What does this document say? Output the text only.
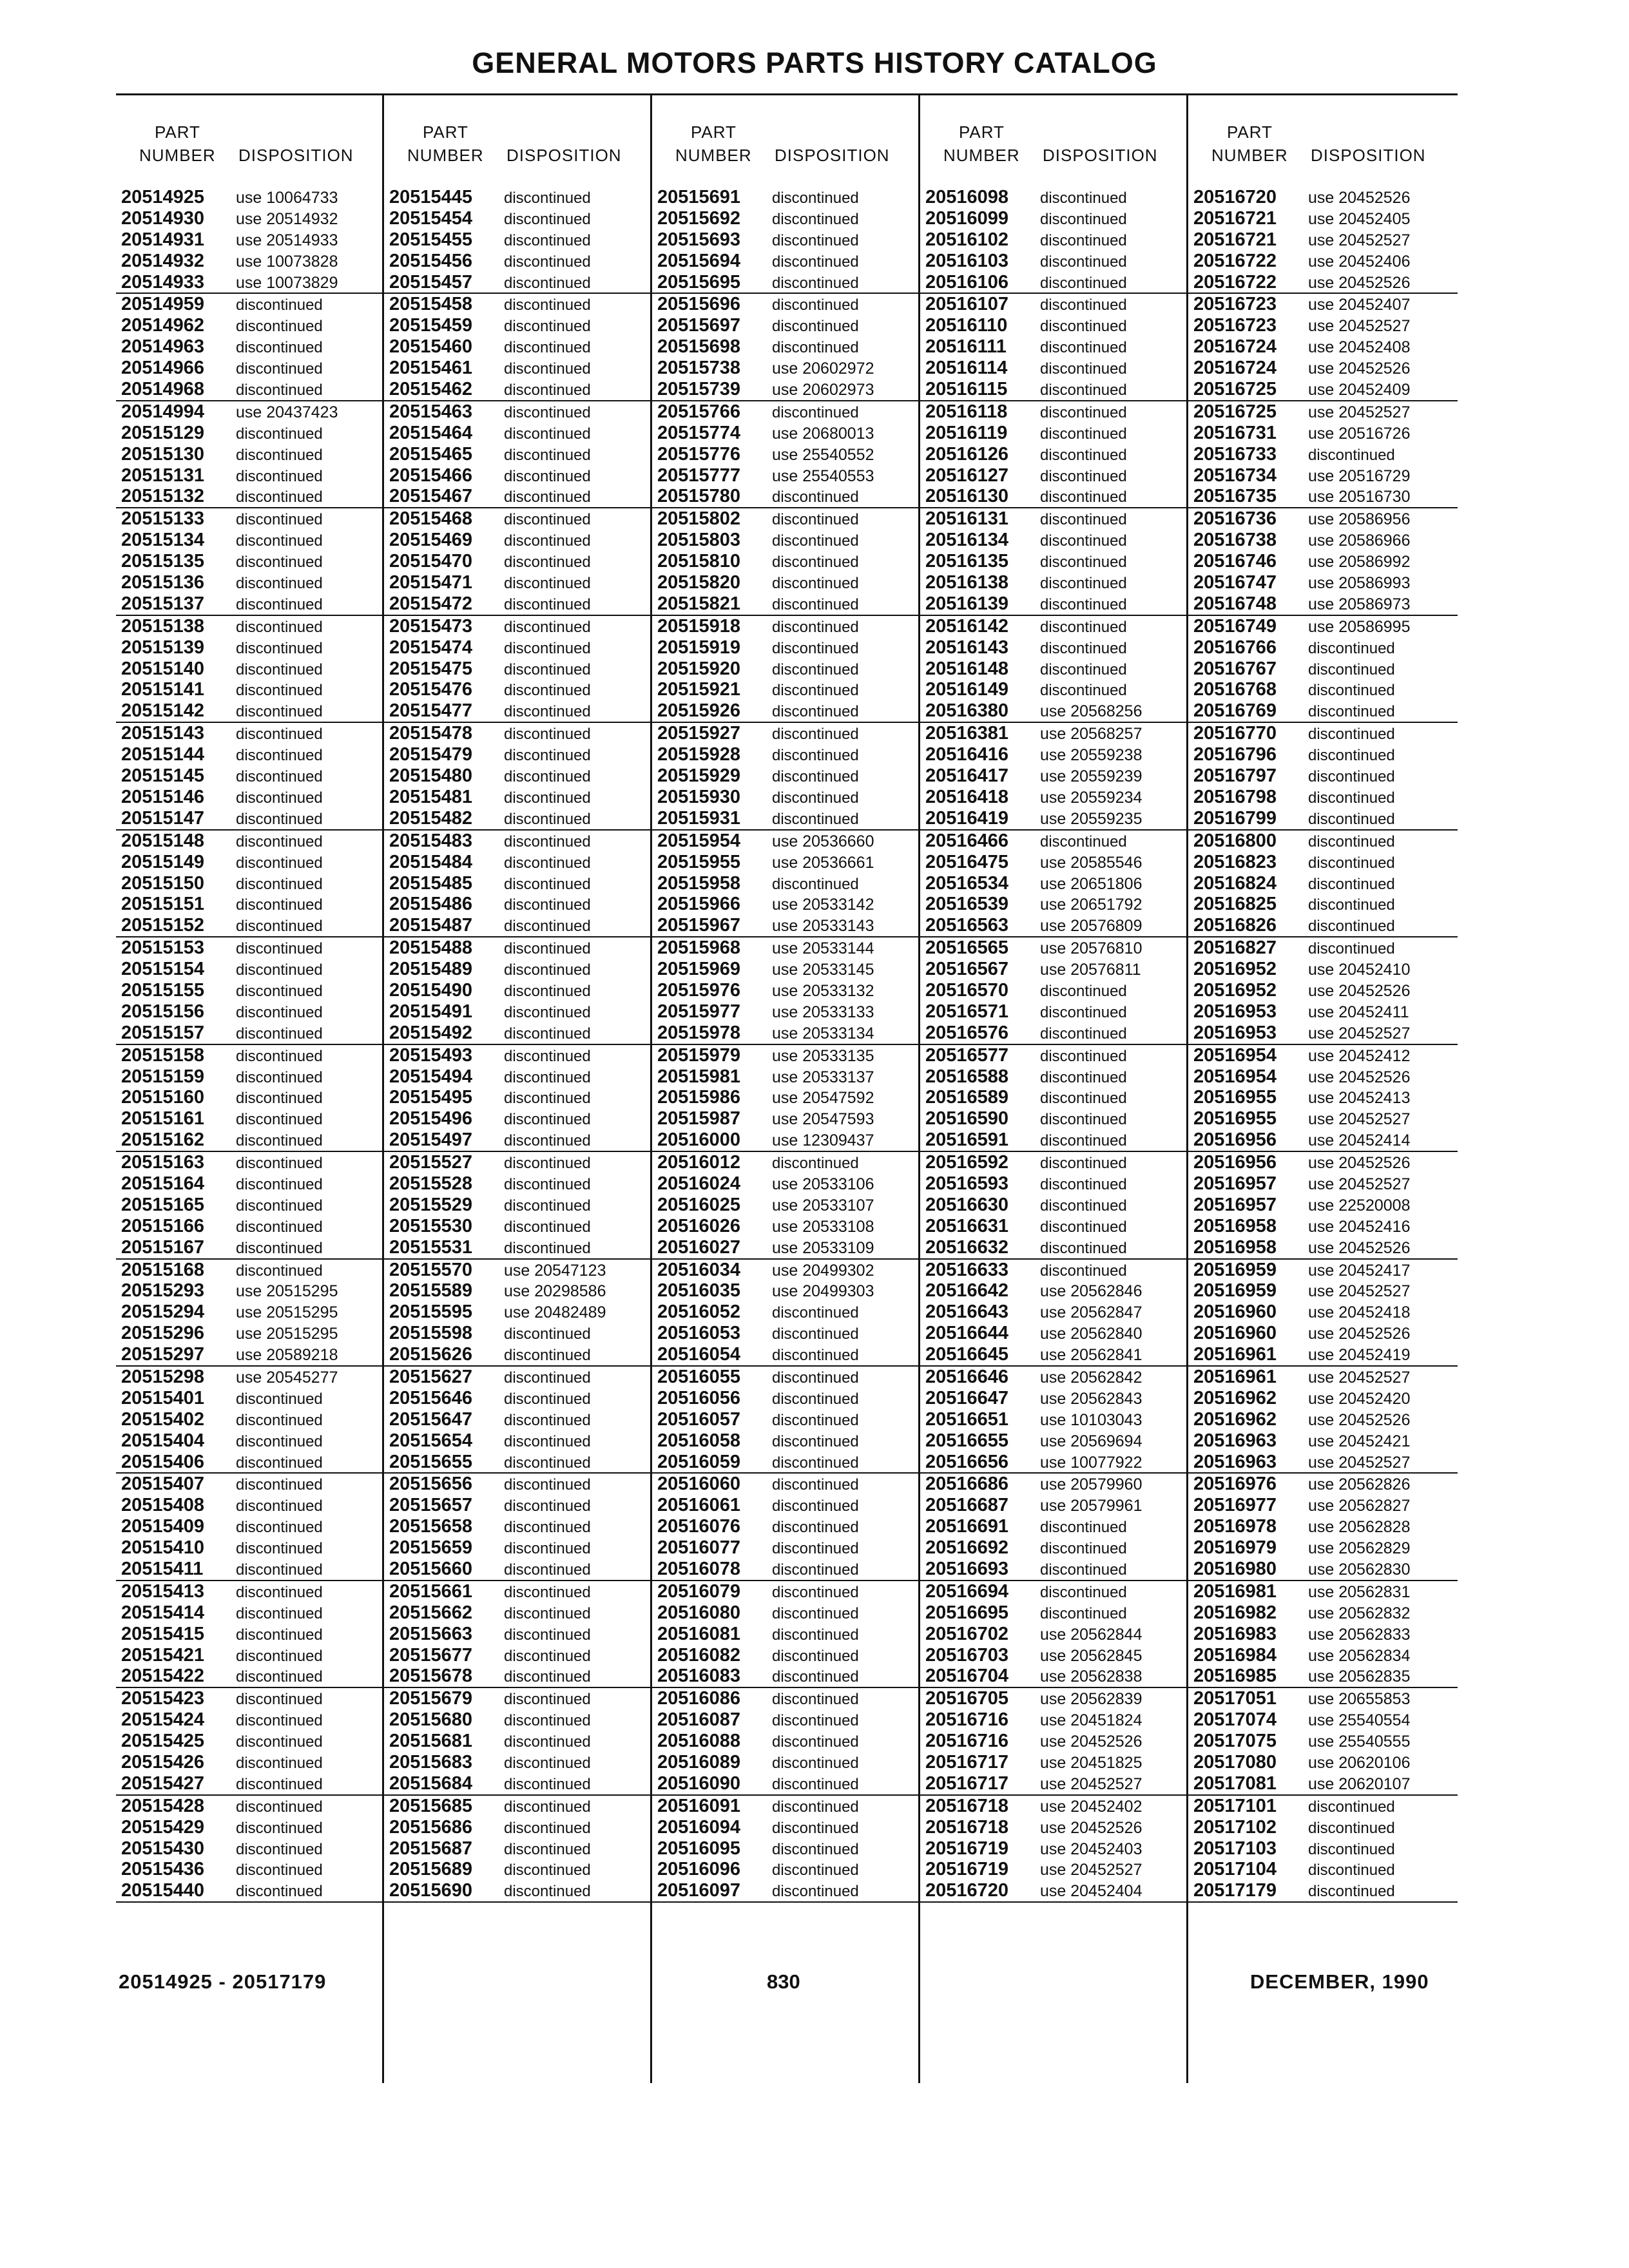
GENERAL MOTORS PARTS HISTORY CATALOG
PART
NUMBER DISPOSITION
20514925 use 10064733
20514930 use 20514932
20514931 use 20514933
20514932 use 10073828
20514933 use 10073829
20514959 discontinued
20514962 discontinued
20514963 discontinued
20514966 discontinued
20514968 discontinued
20514994 use 20437423
20515129 discontinued
20515130 discontinued
20515131 discontinued
20515132 discontinued
20515133 discontinued
20515134 discontinued
20515135 discontinued
20515136 discontinued
20515137 discontinued
20515138 discontinued
20515139 discontinued
20515140 discontinued
20515141 discontinued
20515142 discontinued
20515143 discontinued
20515144 discontinued
20515145 discontinued
20515146 discontinued
20515147 discontinued
20515148 discontinued
20515149 discontinued
20515150 discontinued
20515151 discontinued
20515152 discontinued
20515153 discontinued
20515154 discontinued
20515155 discontinued
20515156 discontinued
20515157 discontinued
20515158 discontinued
20515159 discontinued
20515160 discontinued
20515161 discontinued
20515162 discontinued
20515163 discontinued
20515164 discontinued
20515165 discontinued
20515166 discontinued
20515167 discontinued
20515168 discontinued
20515293 use 20515295
20515294 use 20515295
20515296 use 20515295
20515297 use 20589218
20515298 use 20545277
20515401 discontinued
20515402 discontinued
20515404 discontinued
20515406 discontinued
20515407 discontinued
20515408 discontinued
20515409 discontinued
20515410 discontinued
20515411 discontinued
20515413 discontinued
20515414 discontinued
20515415 discontinued
20515421 discontinued
20515422 discontinued
20515423 discontinued
20515424 discontinued
20515425 discontinued
20515426 discontinued
20515427 discontinued
20515428 discontinued
20515429 discontinued
20515430 discontinued
20515436 discontinued
20515440 discontinued
PART
NUMBER DISPOSITION
20515445 discontinued
20515454 discontinued
20515455 discontinued
20515456 discontinued
20515457 discontinued
20515458 discontinued
20515459 discontinued
20515460 discontinued
20515461 discontinued
20515462 discontinued
20515463 discontinued
20515464 discontinued
20515465 discontinued
20515466 discontinued
20515467 discontinued
20515468 discontinued
20515469 discontinued
20515470 discontinued
20515471 discontinued
20515472 discontinued
20515473 discontinued
20515474 discontinued
20515475 discontinued
20515476 discontinued
20515477 discontinued
20515478 discontinued
20515479 discontinued
20515480 discontinued
20515481 discontinued
20515482 discontinued
20515483 discontinued
20515484 discontinued
20515485 discontinued
20515486 discontinued
20515487 discontinued
20515488 discontinued
20515489 discontinued
20515490 discontinued
20515491 discontinued
20515492 discontinued
20515493 discontinued
20515494 discontinued
20515495 discontinued
20515496 discontinued
20515497 discontinued
20515527 discontinued
20515528 discontinued
20515529 discontinued
20515530 discontinued
20515531 discontinued
20515570 use 20547123
20515589 use 20298586
20515595 use 20482489
20515598 discontinued
20515626 discontinued
20515627 discontinued
20515646 discontinued
20515647 discontinued
20515654 discontinued
20515655 discontinued
20515656 discontinued
20515657 discontinued
20515658 discontinued
20515659 discontinued
20515660 discontinued
20515661 discontinued
20515662 discontinued
20515663 discontinued
20515677 discontinued
20515678 discontinued
20515679 discontinued
20515680 discontinued
20515681 discontinued
20515683 discontinued
20515684 discontinued
20515685 discontinued
20515686 discontinued
20515687 discontinued
20515689 discontinued
20515690 discontinued
PART
NUMBER DISPOSITION
20515691 discontinued
20515692 discontinued
20515693 discontinued
20515694 discontinued
20515695 discontinued
20515696 discontinued
20515697 discontinued
20515698 discontinued
20515738 use 20602972
20515739 use 20602973
20515766 discontinued
20515774 use 20680013
20515776 use 25540552
20515777 use 25540553
20515780 discontinued
20515802 discontinued
20515803 discontinued
20515810 discontinued
20515820 discontinued
20515821 discontinued
20515918 discontinued
20515919 discontinued
20515920 discontinued
20515921 discontinued
20515926 discontinued
20515927 discontinued
20515928 discontinued
20515929 discontinued
20515930 discontinued
20515931 discontinued
20515954 use 20536660
20515955 use 20536661
20515958 discontinued
20515966 use 20533142
20515967 use 20533143
20515968 use 20533144
20515969 use 20533145
20515976 use 20533132
20515977 use 20533133
20515978 use 20533134
20515979 use 20533135
20515981 use 20533137
20515986 use 20547592
20515987 use 20547593
20516000 use 12309437
20516012 discontinued
20516024 use 20533106
20516025 use 20533107
20516026 use 20533108
20516027 use 20533109
20516034 use 20499302
20516035 use 20499303
20516052 discontinued
20516053 discontinued
20516054 discontinued
20516055 discontinued
20516056 discontinued
20516057 discontinued
20516058 discontinued
20516059 discontinued
20516060 discontinued
20516061 discontinued
20516076 discontinued
20516077 discontinued
20516078 discontinued
20516079 discontinued
20516080 discontinued
20516081 discontinued
20516082 discontinued
20516083 discontinued
20516086 discontinued
20516087 discontinued
20516088 discontinued
20516089 discontinued
20516090 discontinued
20516091 discontinued
20516094 discontinued
20516095 discontinued
20516096 discontinued
20516097 discontinued
PART
NUMBER DISPOSITION
20516098 discontinued
20516099 discontinued
20516102 discontinued
20516103 discontinued
20516106 discontinued
20516107 discontinued
20516110 discontinued
20516111 discontinued
20516114 discontinued
20516115 discontinued
20516118 discontinued
20516119 discontinued
20516126 discontinued
20516127 discontinued
20516130 discontinued
20516131 discontinued
20516134 discontinued
20516135 discontinued
20516138 discontinued
20516139 discontinued
20516142 discontinued
20516143 discontinued
20516148 discontinued
20516149 discontinued
20516380 use 20568256
20516381 use 20568257
20516416 use 20559238
20516417 use 20559239
20516418 use 20559234
20516419 use 20559235
20516466 discontinued
20516475 use 20585546
20516534 use 20651806
20516539 use 20651792
20516563 use 20576809
20516565 use 20576810
20516567 use 20576811
20516570 discontinued
20516571 discontinued
20516576 discontinued
20516577 discontinued
20516588 discontinued
20516589 discontinued
20516590 discontinued
20516591 discontinued
20516592 discontinued
20516593 discontinued
20516630 discontinued
20516631 discontinued
20516632 discontinued
20516633 discontinued
20516642 use 20562846
20516643 use 20562847
20516644 use 20562840
20516645 use 20562841
20516646 use 20562842
20516647 use 20562843
20516651 use 10103043
20516655 use 20569694
20516656 use 10077922
20516686 use 20579960
20516687 use 20579961
20516691 discontinued
20516692 discontinued
20516693 discontinued
20516694 discontinued
20516695 discontinued
20516702 use 20562844
20516703 use 20562845
20516704 use 20562838
20516705 use 20562839
20516716 use 20451824
20516716 use 20452526
20516717 use 20451825
20516717 use 20452527
20516718 use 20452402
20516718 use 20452526
20516719 use 20452403
20516719 use 20452527
20516720 use 20452404
PART
NUMBER DISPOSITION
20516720 use 20452526
20516721 use 20452405
20516721 use 20452527
20516722 use 20452406
20516722 use 20452526
20516723 use 20452407
20516723 use 20452527
20516724 use 20452408
20516724 use 20452526
20516725 use 20452409
20516725 use 20452527
20516731 use 20516726
20516733 discontinued
20516734 use 20516729
20516735 use 20516730
20516736 use 20586956
20516738 use 20586966
20516746 use 20586992
20516747 use 20586993
20516748 use 20586973
20516749 use 20586995
20516766 discontinued
20516767 discontinued
20516768 discontinued
20516769 discontinued
20516770 discontinued
20516796 discontinued
20516797 discontinued
20516798 discontinued
20516799 discontinued
20516800 discontinued
20516823 discontinued
20516824 discontinued
20516825 discontinued
20516826 discontinued
20516827 discontinued
20516952 use 20452410
20516952 use 20452526
20516953 use 20452411
20516953 use 20452527
20516954 use 20452412
20516954 use 20452526
20516955 use 20452413
20516955 use 20452527
20516956 use 20452414
20516956 use 20452526
20516957 use 20452527
20516957 use 22520008
20516958 use 20452416
20516958 use 20452526
20516959 use 20452417
20516959 use 20452527
20516960 use 20452418
20516960 use 20452526
20516961 use 20452419
20516961 use 20452527
20516962 use 20452420
20516962 use 20452526
20516963 use 20452421
20516963 use 20452527
20516976 use 20562826
20516977 use 20562827
20516978 use 20562828
20516979 use 20562829
20516980 use 20562830
20516981 use 20562831
20516982 use 20562832
20516983 use 20562833
20516984 use 20562834
20516985 use 20562835
20517051 use 20655853
20517074 use 25540554
20517075 use 25540555
20517080 use 20620106
20517081 use 20620107
20517101 discontinued
20517102 discontinued
20517103 discontinued
20517104 discontinued
20517179 discontinued
20514925 - 20517179	830	DECEMBER, 1990
